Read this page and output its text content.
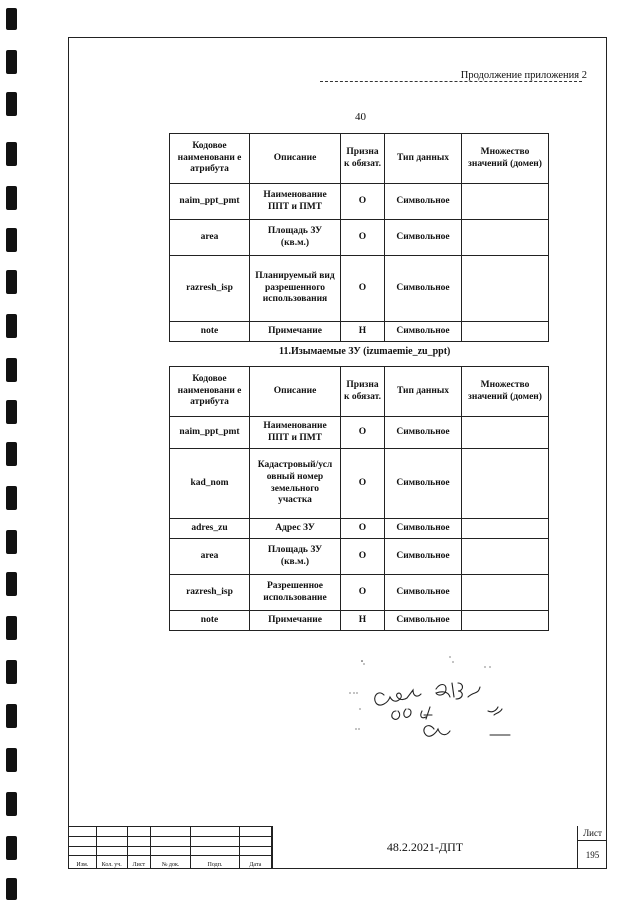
Продолжение приложения 2
40
Кодовое наименовани е атрибута	Описание	Призна к обязат.	Тип данных	Множество значений (домен)
naim_ppt_pmt	Наименование ППТ и ПМТ	О	Символьное	
area	Площадь ЗУ (кв.м.)	О	Символьное	
razresh_isp	Планируемый вид разрешенного использования	О	Символьное	
note	Примечание	Н	Символьное	
11.Изымаемые ЗУ (izumaemie_zu_ppt)
Кодовое наименовани е атрибута	Описание	Призна к обязат.	Тип данных	Множество значений (домен)
naim_ppt_pmt	Наименование ППТ и ПМТ	О	Символьное	
kad_nom	Кадастровый/усл овный номер земельного участка	О	Символьное	
adres_zu	Адрес ЗУ	О	Символьное	
area	Площадь ЗУ (кв.м.)	О	Символьное	
razresh_isp	Разрешенное использование	О	Символьное	
note	Примечание	Н	Символьное	

Изм.	Кол. уч.	Лист	№ док.	Подп.	Дата
48.2.2021-ДПТ
Лист
195
